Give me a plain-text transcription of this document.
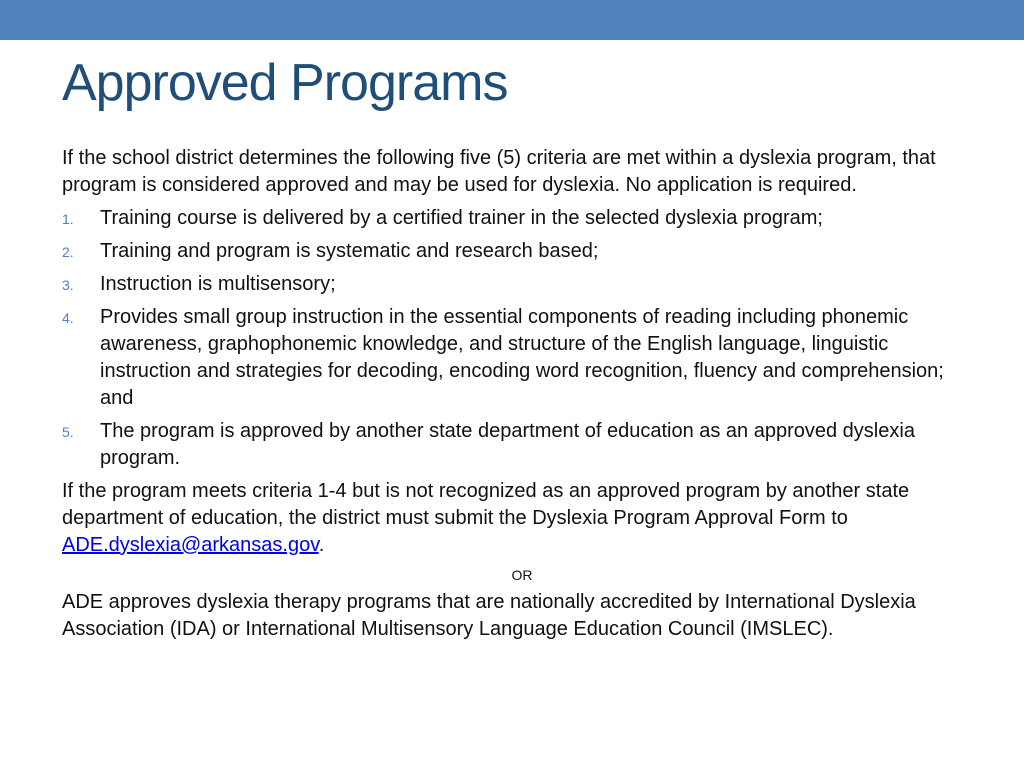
Approved Programs

If the school district determines the following five (5) criteria are met within a dyslexia program, that program is considered approved and may be used for dyslexia. No application is required.

1. Training course is delivered by a certified trainer in the selected dyslexia program;
2. Training and program is systematic and research based;
3. Instruction is multisensory;
4. Provides small group instruction in the essential components of reading including phonemic awareness, graphophonemic knowledge, and structure of the English language, linguistic instruction and strategies for decoding, encoding word recognition, fluency and comprehension; and
5. The program is approved by another state department of education as an approved dyslexia program.

If the program meets criteria 1-4 but is not recognized as an approved program by another state department of education, the district must submit the Dyslexia Program Approval Form to ADE.dyslexia@arkansas.gov.

OR

ADE approves dyslexia therapy programs that are nationally accredited by International Dyslexia Association (IDA) or International Multisensory Language Education Council (IMSLEC).
